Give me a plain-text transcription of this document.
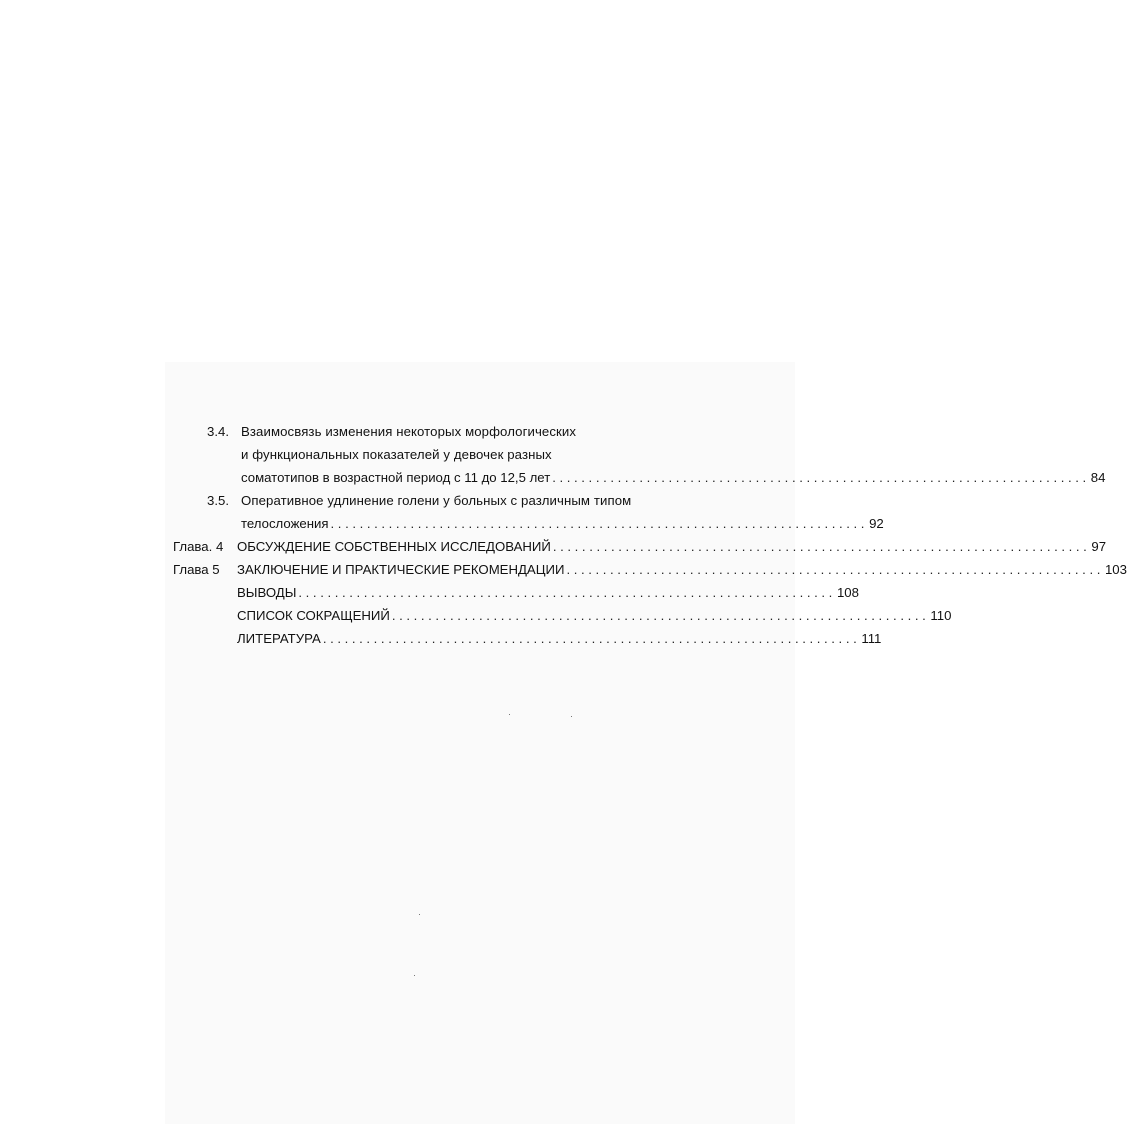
3.4. Взаимосвязь изменения некоторых морфологических
и функциональных показателей у девочек разных
соматотипов в возрастной период с 11 до 12,5 лет .......................................................................... 84
3.5. Оперативное удлинение голени у больных с различным типом
телосложения .......................................................................... 92
Глава. 4 ОБСУЖДЕНИЕ СОБСТВЕННЫХ ИССЛЕДОВАНИЙ .......................................................................... 97
Глава 5 ЗАКЛЮЧЕНИЕ И ПРАКТИЧЕСКИЕ РЕКОМЕНДАЦИИ .......................................................................... 103
ВЫВОДЫ .......................................................................... 108
СПИСОК СОКРАЩЕНИЙ .......................................................................... 110
ЛИТЕРАТУРА .......................................................................... 111
